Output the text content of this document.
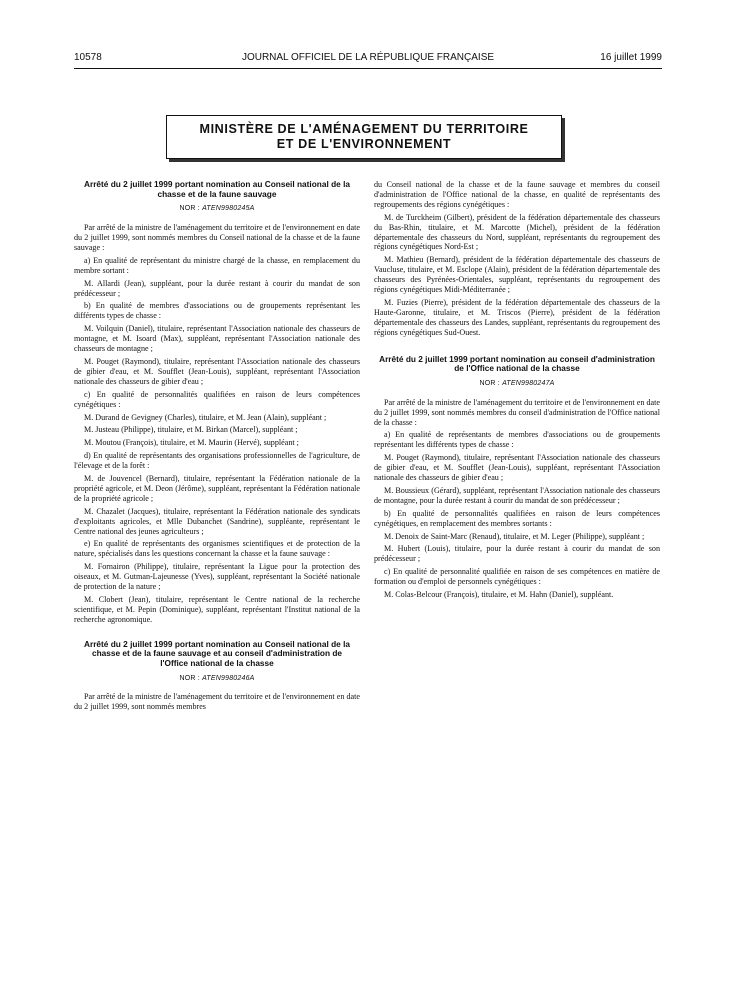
10578	JOURNAL OFFICIEL DE LA RÉPUBLIQUE FRANÇAISE	16 juillet 1999
MINISTÈRE DE L'AMÉNAGEMENT DU TERRITOIRE
ET DE L'ENVIRONNEMENT
Arrêté du 2 juillet 1999 portant nomination au Conseil national de la chasse et de la faune sauvage
NOR : ATEN9980245A

Par arrêté de la ministre de l'aménagement du territoire et de l'environnement en date du 2 juillet 1999, sont nommés membres du Conseil national de la chasse et de la faune sauvage :

a) En qualité de représentant du ministre chargé de la chasse, en remplacement du membre sortant :

M. Allardi (Jean), suppléant, pour la durée restant à courir du mandat de son prédécesseur ;

b) En qualité de membres d'associations ou de groupements représentant les différents types de chasse :

M. Voilquin (Daniel), titulaire, représentant l'Association nationale des chasseurs de montagne, et M. Isoard (Max), suppléant, représentant l'Association nationale des chasseurs de montagne ;

M. Pouget (Raymond), titulaire, représentant l'Association nationale des chasseurs de gibier d'eau, et M. Soufflet (Jean-Louis), suppléant, représentant l'Association nationale des chasseurs de gibier d'eau ;

c) En qualité de personnalités qualifiées en raison de leurs compétences cynégétiques :

M. Durand de Gevigney (Charles), titulaire, et M. Jean (Alain), suppléant ;

M. Justeau (Philippe), titulaire, et M. Birkan (Marcel), suppléant ;

M. Moutou (François), titulaire, et M. Maurin (Hervé), suppléant ;

d) En qualité de représentants des organisations professionnelles de l'agriculture, de l'élevage et de la forêt :

M. de Jouvencel (Bernard), titulaire, représentant la Fédération nationale de la propriété agricole, et M. Deon (Jérôme), suppléant, représentant la Fédération nationale de la propriété agricole ;

M. Chazalet (Jacques), titulaire, représentant la Fédération nationale des syndicats d'exploitants agricoles, et Mlle Dubanchet (Sandrine), suppléante, représentant le Centre national des jeunes agriculteurs ;

e) En qualité de représentants des organismes scientifiques et de protection de la nature, spécialisés dans les questions concernant la chasse et la faune sauvage :

M. Fornairon (Philippe), titulaire, représentant la Ligue pour la protection des oiseaux, et M. Gutman-Lajeunesse (Yves), suppléant, représentant la Société nationale de protection de la nature ;

M. Clobert (Jean), titulaire, représentant le Centre national de la recherche scientifique, et M. Pepin (Dominique), suppléant, représentant l'Institut national de la recherche agronomique.

Arrêté du 2 juillet 1999 portant nomination au Conseil national de la chasse et de la faune sauvage et au conseil d'administration de l'Office national de la chasse
NOR : ATEN9980246A

Par arrêté de la ministre de l'aménagement du territoire et de l'environnement en date du 2 juillet 1999, sont nommés membres

du Conseil national de la chasse et de la faune sauvage et membres du conseil d'administration de l'Office national de la chasse, en qualité de représentants des regroupements des régions cynégétiques :

M. de Turckheim (Gilbert), président de la fédération départementale des chasseurs du Bas-Rhin, titulaire, et M. Marcotte (Michel), président de la fédération départementale des chasseurs du Nord, suppléant, représentants du regroupement des régions cynégétiques Nord-Est ;

M. Mathieu (Bernard), président de la fédération départementale des chasseurs de Vaucluse, titulaire, et M. Esclope (Alain), président de la fédération départementale des chasseurs des Pyrénées-Orientales, suppléant, représentants du regroupement des régions cynégétiques Midi-Méditerranée ;

M. Fuzies (Pierre), président de la fédération départementale des chasseurs de la Haute-Garonne, titulaire, et M. Triscos (Pierre), président de la fédération départementale des chasseurs des Landes, suppléant, représentants du regroupement des régions cynégétiques Sud-Ouest.

Arrêté du 2 juillet 1999 portant nomination au conseil d'administration de l'Office national de la chasse
NOR : ATEN9980247A

Par arrêté de la ministre de l'aménagement du territoire et de l'environnement en date du 2 juillet 1999, sont nommés membres du conseil d'administration de l'Office national de la chasse :

a) En qualité de représentants de membres d'associations ou de groupements représentant les différents types de chasse :

M. Pouget (Raymond), titulaire, représentant l'Association nationale des chasseurs de gibier d'eau, et M. Soufflet (Jean-Louis), suppléant, représentant l'Association nationale des chasseurs de gibier d'eau ;

M. Boussieux (Gérard), suppléant, représentant l'Association nationale des chasseurs de montagne, pour la durée restant à courir du mandat de son prédécesseur ;

b) En qualité de personnalités qualifiées en raison de leurs compétences cynégétiques, en remplacement des membres sortants :

M. Denoix de Saint-Marc (Renaud), titulaire, et M. Leger (Philippe), suppléant ;

M. Hubert (Louis), titulaire, pour la durée restant à courir du mandat de son prédécesseur ;

c) En qualité de personnalité qualifiée en raison de ses compétences en matière de formation ou d'emploi de personnels cynégétiques :

M. Colas-Belcour (François), titulaire, et M. Hahn (Daniel), suppléant.
